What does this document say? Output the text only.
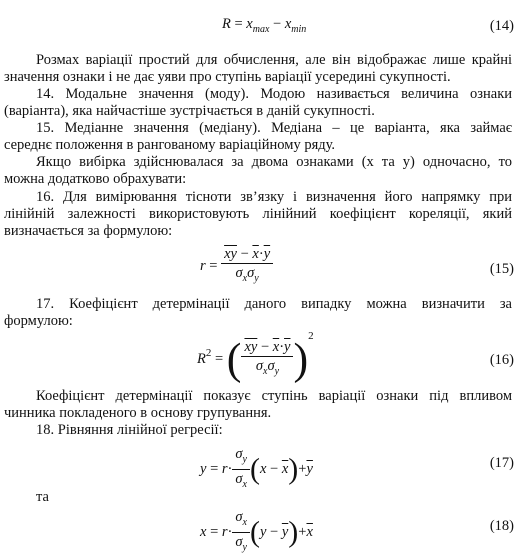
$R = x_{max} - x_{min}$	(14)
Розмах варіації простий для обчислення, але він відображає лише крайні
значення ознаки і не дає уяви про ступінь варіації усередині сукупності.
14. Модальне значення (моду). Модою називається величина ознаки
(варіанта), яка найчастіше зустрічається в даній сукупності.
15. Медіанне значення (медіану). Медіана – це варіанта, яка займає
середнє положення в рангованому варіаційному ряду.
Якщо вибірка здійснювалася за двома ознаками (x та y) одночасно, то
можна додатково обрахувати:
16. Для вимірювання тісноти зв’язку і визначення його напрямку при
лінійній залежності використовують лінійний коефіцієнт кореляції, який
визначається за формулою:
$r = \frac{\overline{xy} - \overline{x}\cdot\overline{y}}{\sigma_x\sigma_y}$	(15)
17. Коефіцієнт детермінації даного випадку можна визначити за
формулою:
$R^2$ = ( $\frac{\overline{xy} - \overline{x}\cdot\overline{y}}{\sigma_x\sigma_y} )^2$
(16)
Коефіцієнт детермінації показує ступінь варіації ознаки під впливом
чинника покладеного в основу групування.
18. Рівняння лінійної регресії:
$y = r\cdot \frac{\sigma_y}{\sigma_x} (x - \overline{x})+\overline{y}$	(17)
та
$x = r\cdot \frac{\sigma_x}{\sigma_y} (y - \overline{y})+\overline{x}$	(18)
